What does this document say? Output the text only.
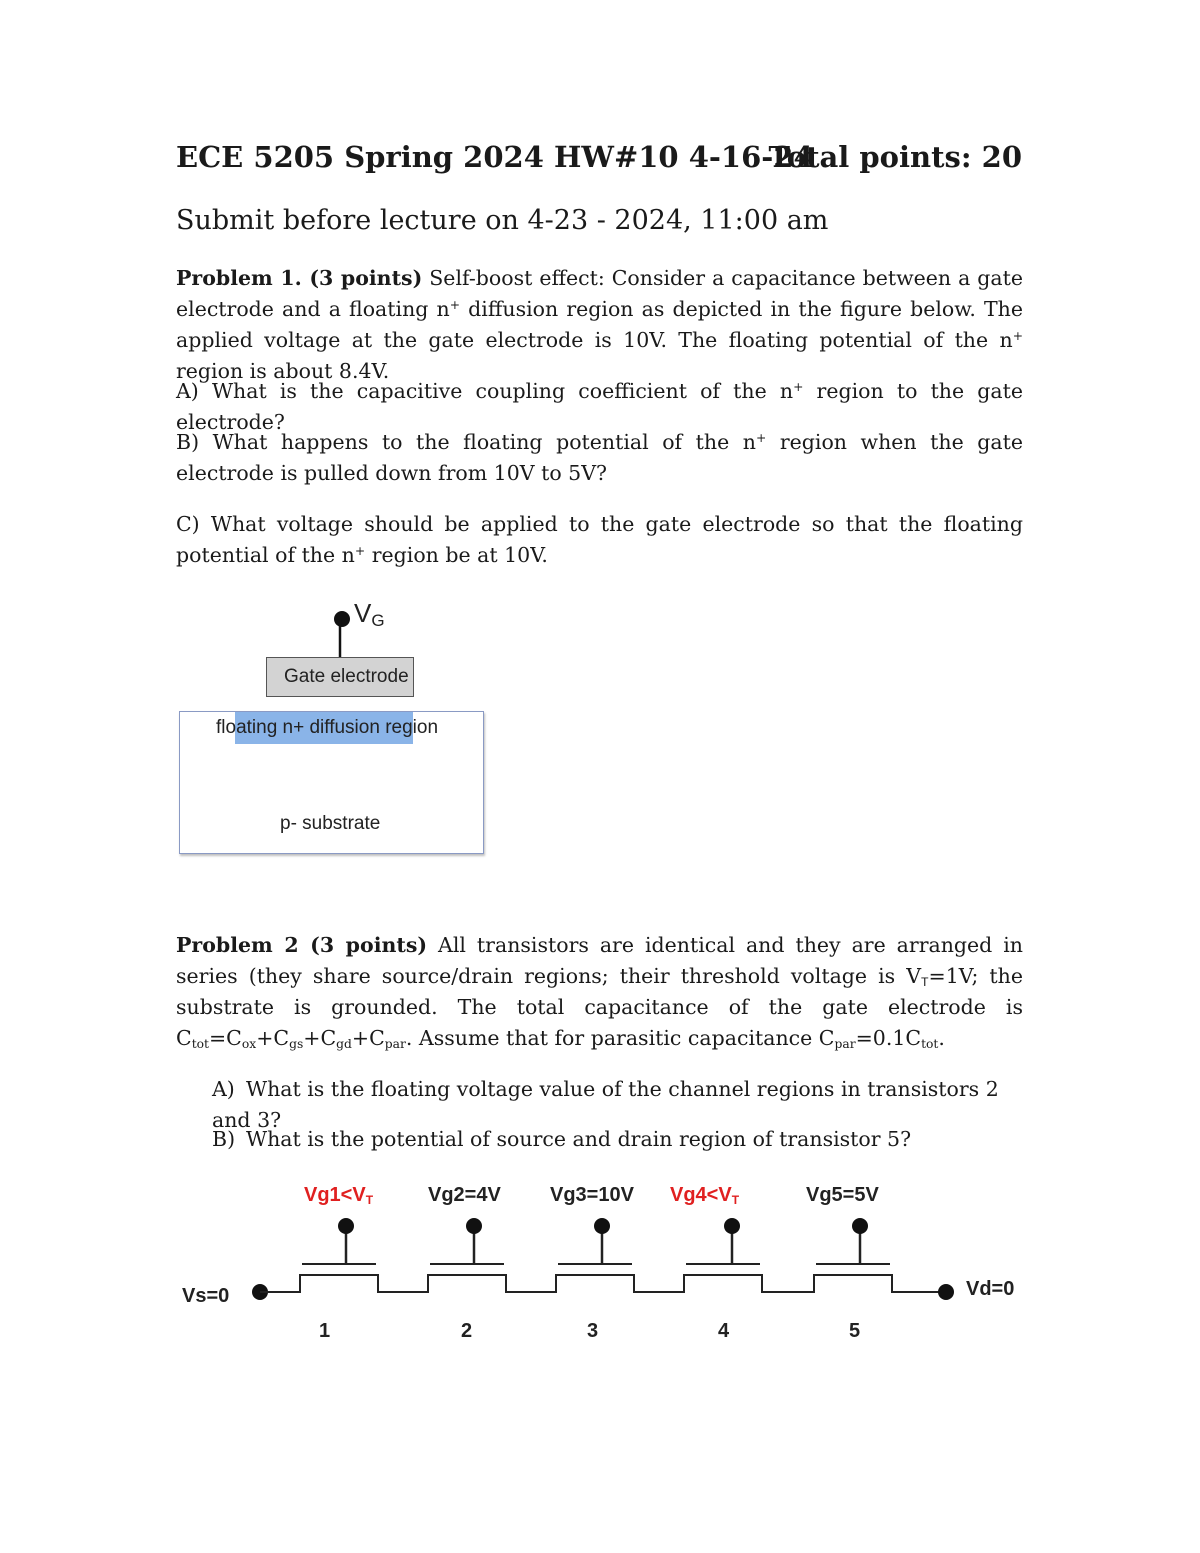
ECE 5205 Spring 2024 HW#10 4-16-24
Total points: 20
Submit before lecture on 4-23 - 2024, 11:00 am
Problem 1. (3 points) Self-boost effect: Consider a capacitance between a gate electrode and a floating n+ diffusion region as depicted in the figure below. The applied voltage at the gate electrode is 10V. The floating potential of the n+ region is about 8.4V.
A) What is the capacitive coupling coefficient of the n+ region to the gate electrode?
B) What happens to the floating potential of the n+ region when the gate electrode is pulled down from 10V to 5V?
C) What voltage should be applied to the gate electrode so that the floating potential of the n+ region be at 10V.
VG
Gate electrode
floating n+ diffusion region
p- substrate
Problem 2 (3 points) All transistors are identical and they are arranged in series (they share source/drain regions; their threshold voltage is $V_T=1V$; the substrate is grounded. The total capacitance of the gate electrode is $C_{tot}=C_{ox}+C_{gs}+C_{gd}+C_{par}$. Assume that for parasitic capacitance $C_{par}=0.1C_{tot}$.
A) What is the floating voltage value of the channel regions in transistors 2 and 3?
B) What is the potential of source and drain region of transistor 5?
Vs=0	Vd=0
$Vg1<V_T$	Vg2=4V Vg3=10V $Vg4<V_T$	Vg5=5V
1	2	3	4	5
